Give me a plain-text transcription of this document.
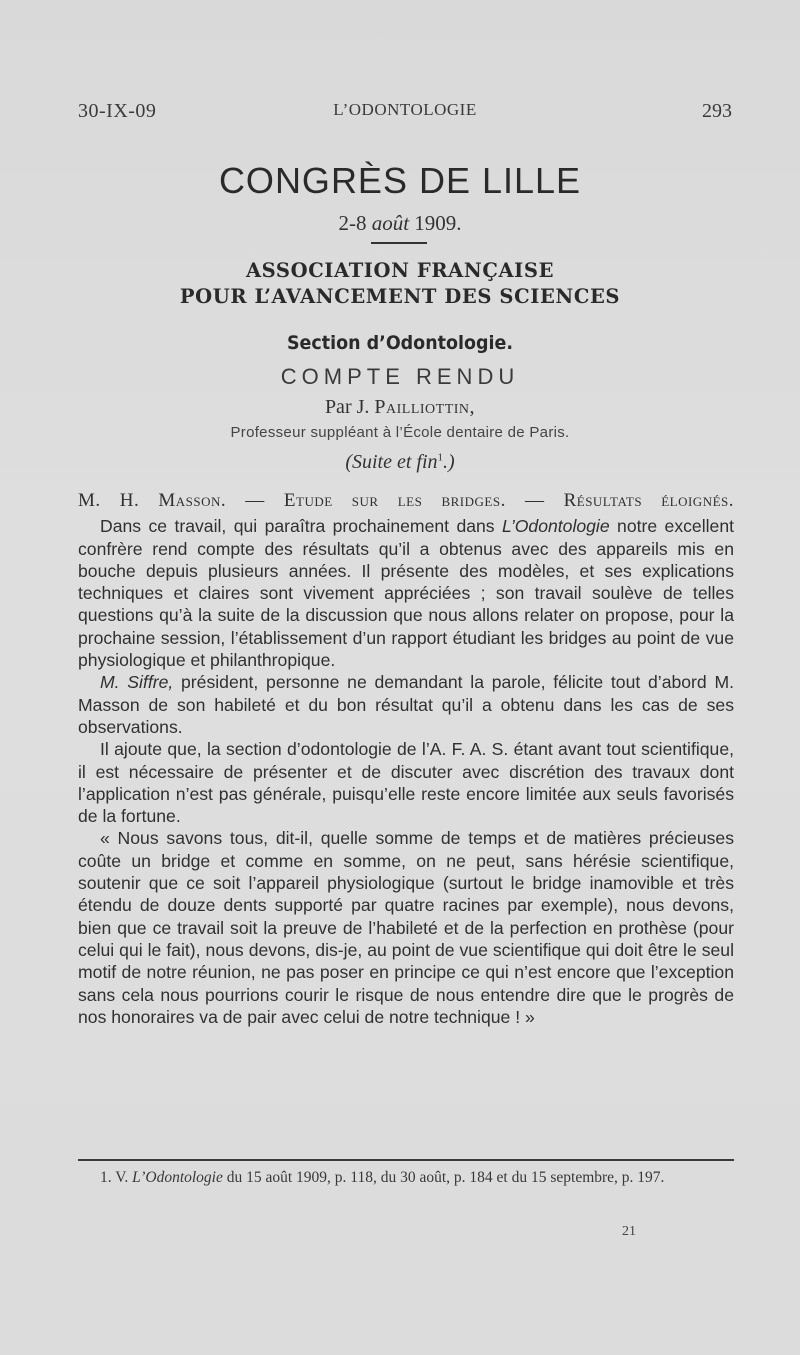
30-IX-09	L’ODONTOLOGIE	293
CONGRÈS DE LILLE
2-8 août 1909.
ASSOCIATION FRANÇAISE
POUR L’AVANCEMENT DES SCIENCES
Section d’Odontologie.
COMPTE RENDU
Par J. Pailliottin,
Professeur suppléant à l’École dentaire de Paris.
(Suite et fin$^1$.)

M. H. Masson. — Etude sur les bridges. — Résultats éloignés.

Dans ce travail, qui paraîtra prochainement dans L’Odontologie notre excellent confrère rend compte des résultats qu’il a obtenus avec des appareils mis en bouche depuis plusieurs années. Il présente des modèles, et ses explications techniques et claires sont vivement appréciées ; son travail soulève de telles questions qu’à la suite de la discussion que nous allons relater on propose, pour la prochaine session, l’établissement d’un rapport étudiant les bridges au point de vue physiologique et philanthropique.

M. Siffre, président, personne ne demandant la parole, félicite tout d’abord M. Masson de son habileté et du bon résultat qu’il a obtenu dans les cas de ses observations.

Il ajoute que, la section d’odontologie de l’A. F. A. S. étant avant tout scientifique, il est nécessaire de présenter et de discuter avec discrétion des travaux dont l’application n’est pas générale, puisqu’elle reste encore limitée aux seuls favorisés de la fortune.

« Nous savons tous, dit-il, quelle somme de temps et de matières précieuses coûte un bridge et comme en somme, on ne peut, sans hérésie scientifique, soutenir que ce soit l’appareil physiologique (surtout le bridge inamovible et très étendu de douze dents supporté par quatre racines par exemple), nous devons, bien que ce travail soit la preuve de l’habileté et de la perfection en prothèse (pour celui qui le fait), nous devons, dis-je, au point de vue scientifique qui doit être le seul motif de notre réunion, ne pas poser en principe ce qui n’est encore que l’exception sans cela nous pourrions courir le risque de nous entendre dire que le progrès de nos honoraires va de pair avec celui de notre technique ! »

1. V. L’Odontologie du 15 août 1909, p. 118, du 30 août, p. 184 et du 15 septembre, p. 197.
21
